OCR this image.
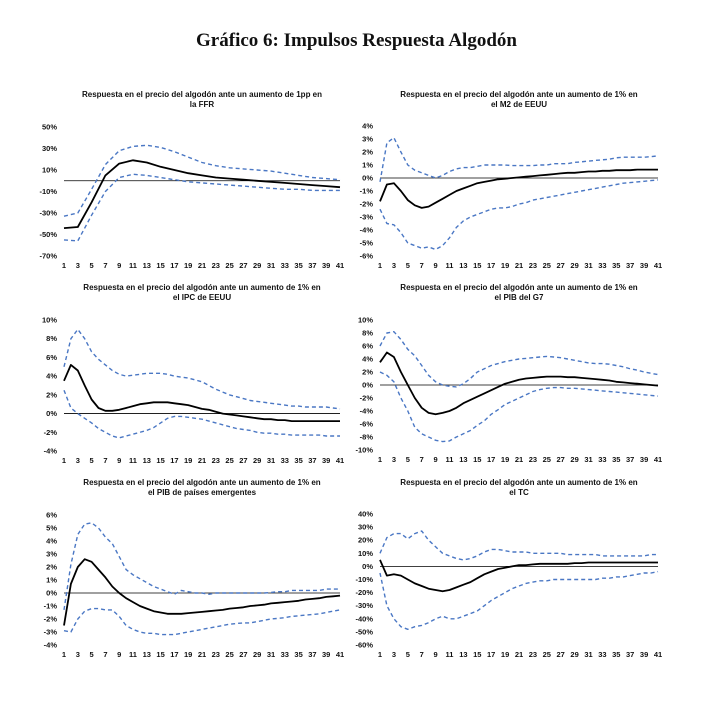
Gráfico 6: Impulsos Respuesta Algodón
Respuesta en el precio del algodón ante un aumento de 1pp en
la FFR
-70%
-50%
-30%
-10%
10%
30%
50%
1 3 5 7 9 11 13 15 17 19 21 23 25 27 29 31 33 35 37 39 41
Respuesta en el precio del algodón ante un aumento de 1% en
el M2 de EEUU
-6%
-5%
-4%
-3%
-2%
-1%
0%
1%
2%
3%
4%
1 3 5 7 9 11 13 15 17 19 21 23 25 27 29 31 33 35 37 39 41
Respuesta en el precio del algodón ante un aumento de 1% en
el IPC de EEUU
-4%
-2%
0%
2%
4%
6%
8%
10%
1 3 5 7 9 11 13 15 17 19 21 23 25 27 29 31 33 35 37 39 41
Respuesta en el precio del algodón ante un aumento de 1% en
el PIB del G7
-10%
-8%
-6%
-4%
-2%
0%
2%
4%
6%
8%
10%
1 3 5 7 9 11 13 15 17 19 21 23 25 27 29 31 33 35 37 39 41
Respuesta en el precio del algodón ante un aumento de 1% en
el PIB de países emergentes
-4%
-3%
-2%
-1%
0%
1%
2%
3%
4%
5%
6%
1 3 5 7 9 11 13 15 17 19 21 23 25 27 29 31 33 35 37 39 41
Respuesta en el precio del algodón ante un aumento de 1% en
el TC
-60%
-50%
-40%
-30%
-20%
-10%
0%
10%
20%
30%
40%
1 3 5 7 9 11 13 15 17 19 21 23 25 27 29 31 33 35 37 39 41
